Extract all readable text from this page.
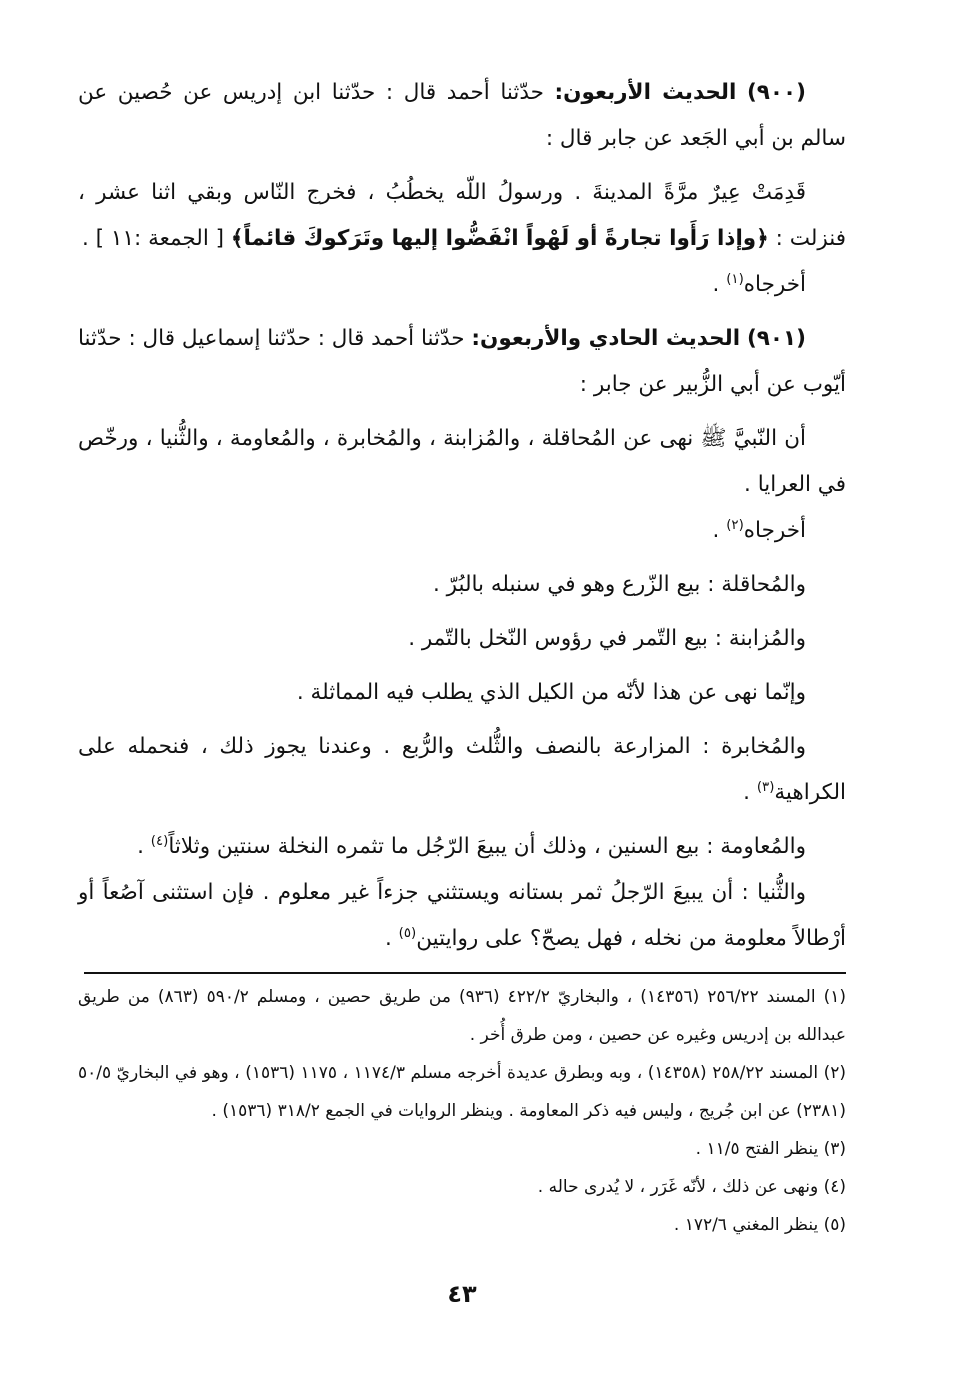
(٩٠٠) الحديث الأربعون: حدّثنا أحمد قال : حدّثنا ابن إدريس عن حُصين عن سالم بن أبي الجَعد عن جابر قال :

قَدِمَتْ عِيرٌ مرَّةً المدينةَ . ورسولُ اللّه يخطُبُ ، فخرج النّاس وبقي اثنا عشر ، فنزلت : ﴿وإذا رَأَوا تجارةً أو لَهْواً انْفَضُّوا إليها وتَرَكوكَ قائماً﴾ [ الجمعة :١١ ] .

أخرجاه$^{(١)}$ .

(٩٠١) الحديث الحادي والأربعون: حدّثنا أحمد قال : حدّثنا إسماعيل قال : حدّثنا أيّوب عن أبي الزُّبير عن جابر :

أن النّبيَّ ﷺ نهى عن المُحاقلة ، والمُزابنة ، والمُخابرة ، والمُعاومة ، والثُّنيا ، ورخّص في العرايا .

أخرجاه$^{(٢)}$ .

والمُحاقلة : بيع الزّرع وهو في سنبله بالبُرّ .

والمُزابنة : بيع التّمر في رؤوس النّخل بالتّمر .

وإنّما نهى عن هذا لأنّه من الكيل الذي يطلب فيه المماثلة .

والمُخابرة : المزارعة بالنصف والثُّلث والرُّبع . وعندنا يجوز ذلك ، فنحمله على الكراهية$^{(٣)}$ .

والمُعاومة : بيع السنين ، وذلك أن يبيعَ الرّجُل ما تثمره النخلة سنتين وثلاثاً$^{(٤)}$ .

والثُّنيا : أن يبيعَ الرّجلُ ثمر بستانه ويستثني جزءاً غير معلوم . فإن استثنى آصُعاً أو أرْطالاً معلومة من نخله ، فهل يصحّ؟ على روايتين$^{(٥)}$ .

(١) المسند ٢٥٦/٢٢ (١٤٣٥٦) ، والبخاريّ ٤٢٢/٢ (٩٣٦) من طريق حصين ، ومسلم ٥٩٠/٢ (٨٦٣) من طريق عبدالله بن إدريس وغيره عن حصين ، ومن طرق أُخر .

(٢) المسند ٢٥٨/٢٢ (١٤٣٥٨) ، وبه وبطرق عديدة أخرجه مسلم ١١٧٤/٣ ، ١١٧٥ (١٥٣٦) ، وهو في البخاريّ ٥٠/٥ (٢٣٨١) عن ابن جُريج ، وليس فيه ذكر المعاومة . وينظر الروايات في الجمع ٣١٨/٢ (١٥٣٦) .

(٣) ينظر الفتح ١١/٥ .

(٤) ونهى عن ذلك ، لأنّه غَرَر ، لا يُدرى حاله .

(٥) ينظر المغني ١٧٢/٦ .

٤٣
